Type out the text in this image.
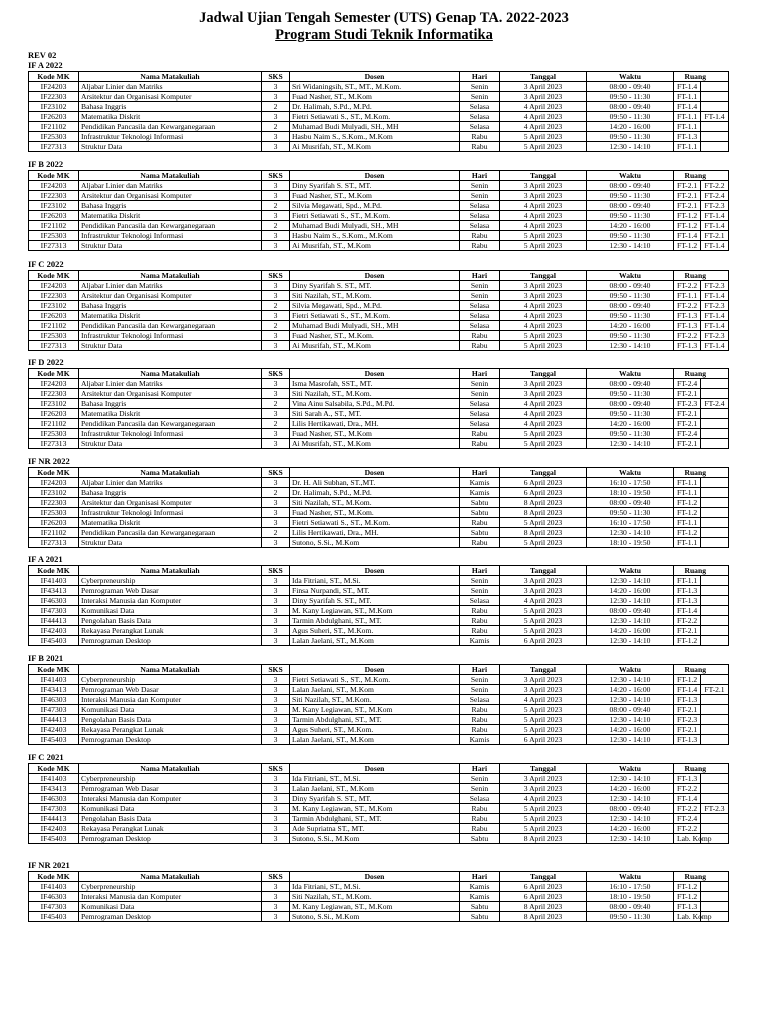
Jadwal Ujian Tengah Semester (UTS) Genap TA. 2022-2023
Program Studi Teknik Informatika
REV 02
IF A 2022
Kode MK	Nama Matakuliah	SKS	Dosen	Hari	Tanggal	Waktu	Ruang	
IF24203	Aljabar Linier dan Matriks	3	Sri Widaningsih, ST., MT., M.Kom.	Senin	3 April 2023	08:00 - 09:40	FT-1.4	
IF22303	Arsitektur dan Organisasi Komputer	3	Fuad Nasher, ST., M.Kom	Senin	3 April 2023	09:50 - 11:30	FT-1.1	
IF23102	Bahasa Inggris	2	Dr. Halimah, S.Pd., M.Pd.	Selasa	4 April 2023	08:00 - 09:40	FT-1.4	
IF26203	Matematika Diskrit	3	Fietri Setiawati S., ST., M.Kom.	Selasa	4 April 2023	09:50 - 11:30	FT-1.1	FT-1.4
IF21102	Pendidikan Pancasila dan Kewarganegaraan	2	Muhamad Budi Mulyadi, SH., MH	Selasa	4 April 2023	14:20 - 16:00	FT-1.1	
IF25303	Infrastruktur Teknologi Informasi	3	Hasbu Naim S., S.Kom., M.Kom	Rabu	5 April 2023	09:50 - 11:30	FT-1.3	
IF27313	Struktur Data	3	Ai Musrifah, ST., M.Kom	Rabu	5 April 2023	12:30 - 14:10	FT-1.1	
IF B 2022
Kode MK	Nama Matakuliah	SKS	Dosen	Hari	Tanggal	Waktu	Ruang	
IF24203	Aljabar Linier dan Matriks	3	Diny Syarifah S. ST., MT.	Senin	3 April 2023	08:00 - 09:40	FT-2.1	FT-2.2
IF22303	Arsitektur dan Organisasi Komputer	3	Fuad Nasher, ST., M.Kom	Senin	3 April 2023	09:50 - 11:30	FT-2.1	FT-2.4
IF23102	Bahasa Inggris	2	Silvia Megawati, Spd., M.Pd.	Selasa	4 April 2023	08:00 - 09:40	FT-2.1	FT-2.3
IF26203	Matematika Diskrit	3	Fietri Setiawati S., ST., M.Kom.	Selasa	4 April 2023	09:50 - 11:30	FT-1.2	FT-1.4
IF21102	Pendidikan Pancasila dan Kewarganegaraan	2	Muhamad Budi Mulyadi, SH., MH	Selasa	4 April 2023	14:20 - 16:00	FT-1.2	FT-1.4
IF25303	Infrastruktur Teknologi Informasi	3	Hasbu Naim S., S.Kom., M.Kom	Rabu	5 April 2023	09:50 - 11:30	FT-1.4	FT-2.1
IF27313	Struktur Data	3	Ai Musrifah, ST., M.Kom	Rabu	5 April 2023	12:30 - 14:10	FT-1.2	FT-1.4
IF C 2022
Kode MK	Nama Matakuliah	SKS	Dosen	Hari	Tanggal	Waktu	Ruang	
IF24203	Aljabar Linier dan Matriks	3	Diny Syarifah S. ST., MT.	Senin	3 April 2023	08:00 - 09:40	FT-2.2	FT-2.3
IF22303	Arsitektur dan Organisasi Komputer	3	Siti Nazilah, ST., M.Kom.	Senin	3 April 2023	09:50 - 11:30	FT-1.1	FT-1.4
IF23102	Bahasa Inggris	2	Silvia Megawati, Spd., M.Pd.	Selasa	4 April 2023	08:00 - 09:40	FT-2.2	FT-2.3
IF26203	Matematika Diskrit	3	Fietri Setiawati S., ST., M.Kom.	Selasa	4 April 2023	09:50 - 11:30	FT-1.3	FT-1.4
IF21102	Pendidikan Pancasila dan Kewarganegaraan	2	Muhamad Budi Mulyadi, SH., MH	Selasa	4 April 2023	14:20 - 16:00	FT-1.3	FT-1.4
IF25303	Infrastruktur Teknologi Informasi	3	Fuad Nasher, ST., M.Kom.	Rabu	5 April 2023	09:50 - 11:30	FT-2.2	FT-2.3
IF27313	Struktur Data	3	Ai Musrifah, ST., M.Kom	Rabu	5 April 2023	12:30 - 14:10	FT-1.3	FT-1.4
IF D 2022
Kode MK	Nama Matakuliah	SKS	Dosen	Hari	Tanggal	Waktu	Ruang	
IF24203	Aljabar Linier dan Matriks	3	Isma Masrofah, SST., MT.	Senin	3 April 2023	08:00 - 09:40	FT-2.4	
IF22303	Arsitektur dan Organisasi Komputer	3	Siti Nazilah, ST., M.Kom.	Senin	3 April 2023	09:50 - 11:30	FT-2.1	
IF23102	Bahasa Inggris	2	Vina Ainu Salsabila, S.Pd., M.Pd.	Selasa	4 April 2023	08:00 - 09:40	FT-2.3	FT-2.4
IF26203	Matematika Diskrit	3	Siti Sarah A., ST., MT.	Selasa	4 April 2023	09:50 - 11:30	FT-2.1	
IF21102	Pendidikan Pancasila dan Kewarganegaraan	2	Lilis Hertikawati, Dra., MH.	Selasa	4 April 2023	14:20 - 16:00	FT-2.1	
IF25303	Infrastruktur Teknologi Informasi	3	Fuad Nasher, ST., M.Kom	Rabu	5 April 2023	09:50 - 11:30	FT-2.4	
IF27313	Struktur Data	3	Ai Musrifah, ST., M.Kom	Rabu	5 April 2023	12:30 - 14:10	FT-2.1	
IF NR 2022
Kode MK	Nama Matakuliah	SKS	Dosen	Hari	Tanggal	Waktu	Ruang	
IF24203	Aljabar Linier dan Matriks	3	Dr. H. Ali Subhan, ST.,MT.	Kamis	6 April 2023	16:10 - 17:50	FT-1.1	
IF23102	Bahasa Inggris	2	Dr. Halimah, S.Pd., M.Pd.	Kamis	6 April 2023	18:10 - 19:50	FT-1.1	
IF22303	Arsitektur dan Organisasi Komputer	3	Siti Nazilah, ST., M.Kom.	Sabtu	8 April 2023	08:00 - 09:40	FT-1.2	
IF25303	Infrastruktur Teknologi Informasi	3	Fuad Nasher, ST., M.Kom.	Sabtu	8 April 2023	09:50 - 11:30	FT-1.2	
IF26203	Matematika Diskrit	3	Fietri Setiawati S., ST., M.Kom.	Rabu	5 April 2023	16:10 - 17:50	FT-1.1	
IF21102	Pendidikan Pancasila dan Kewarganegaraan	2	Lilis Hertikawati, Dra., MH.	Sabtu	8 April 2023	12:30 - 14:10	FT-1.2	
IF27313	Struktur Data	3	Sutono, S.Si., M.Kom	Rabu	5 April 2023	18:10 - 19:50	FT-1.1	
IF A 2021
Kode MK	Nama Matakuliah	SKS	Dosen	Hari	Tanggal	Waktu	Ruang	
IF41403	Cyberpreneurship	3	Ida Fitriani, ST., M.Si.	Senin	3 April 2023	12:30 - 14:10	FT-1.1	
IF43413	Pemrograman Web Dasar	3	Finsa Nurpandi, ST., MT.	Senin	3 April 2023	14:20 - 16:00	FT-1.3	
IF46303	Interaksi Manusia dan Komputer	3	Diny Syarifah S. ST., MT.	Selasa	4 April 2023	12:30 - 14:10	FT-1.3	
IF47303	Komunikasi Data	3	M. Kany Legiawan, ST., M.Kom	Rabu	5 April 2023	08:00 - 09:40	FT-1.4	
IF44413	Pengolahan Basis Data	3	Tarmin Abdulghani, ST., MT.	Rabu	5 April 2023	12:30 - 14:10	FT-2.2	
IF42403	Rekayasa Perangkat Lunak	3	Agus Suheri, ST., M.Kom.	Rabu	5 April 2023	14:20 - 16:00	FT-2.1	
IF45403	Pemrograman Desktop	3	Lalan Jaelani, ST., M.Kom	Kamis	6 April 2023	12:30 - 14:10	FT-1.2	
IF B 2021
Kode MK	Nama Matakuliah	SKS	Dosen	Hari	Tanggal	Waktu	Ruang	
IF41403	Cyberpreneurship	3	Fietri Setiawati S., ST., M.Kom.	Senin	3 April 2023	12:30 - 14:10	FT-1.2	
IF43413	Pemrograman Web Dasar	3	Lalan Jaelani, ST., M.Kom	Senin	3 April 2023	14:20 - 16:00	FT-1.4	FT-2.1
IF46303	Interaksi Manusia dan Komputer	3	Siti Nazilah, ST., M.Kom.	Selasa	4 April 2023	12:30 - 14:10	FT-1.3	
IF47303	Komunikasi Data	3	M. Kany Legiawan, ST., M.Kom	Rabu	5 April 2023	08:00 - 09:40	FT-2.1	
IF44413	Pengolahan Basis Data	3	Tarmin Abdulghani, ST., MT.	Rabu	5 April 2023	12:30 - 14:10	FT-2.3	
IF42403	Rekayasa Perangkat Lunak	3	Agus Suheri, ST., M.Kom.	Rabu	5 April 2023	14:20 - 16:00	FT-2.1	
IF45403	Pemrograman Desktop	3	Lalan Jaelani, ST., M.Kom	Kamis	6 April 2023	12:30 - 14:10	FT-1.3	
IF C 2021
Kode MK	Nama Matakuliah	SKS	Dosen	Hari	Tanggal	Waktu	Ruang	
IF41403	Cyberpreneurship	3	Ida Fitriani, ST., M.Si.	Senin	3 April 2023	12:30 - 14:10	FT-1.3	
IF43413	Pemrograman Web Dasar	3	Lalan Jaelani, ST., M.Kom	Senin	3 April 2023	14:20 - 16:00	FT-2.2	
IF46303	Interaksi Manusia dan Komputer	3	Diny Syarifah S. ST., MT.	Selasa	4 April 2023	12:30 - 14:10	FT-1.4	
IF47303	Komunikasi Data	3	M. Kany Legiawan, ST., M.Kom	Rabu	5 April 2023	08:00 - 09:40	FT-2.2	FT-2.3
IF44413	Pengolahan Basis Data	3	Tarmin Abdulghani, ST., MT.	Rabu	5 April 2023	12:30 - 14:10	FT-2.4	
IF42403	Rekayasa Perangkat Lunak	3	Ade Supriatna ST., MT.	Rabu	5 April 2023	14:20 - 16:00	FT-2.2	
IF45403	Pemrograman Desktop	3	Sutono, S.Si., M.Kom	Sabtu	8 April 2023	12:30 - 14:10	Lab. Komp	
IF NR 2021
Kode MK	Nama Matakuliah	SKS	Dosen	Hari	Tanggal	Waktu	Ruang	
IF41403	Cyberpreneurship	3	Ida Fitriani, ST., M.Si.	Kamis	6 April 2023	16:10 - 17:50	FT-1.2	
IF46303	Interaksi Manusia dan Komputer	3	Siti Nazilah, ST., M.Kom.	Kamis	6 April 2023	18:10 - 19:50	FT-1.2	
IF47303	Komunikasi Data	3	M. Kany Legiawan, ST., M.Kom	Sabtu	8 April 2023	08:00 - 09:40	FT-1.3	
IF45403	Pemrograman Desktop	3	Sutono, S.Si., M.Kom	Sabtu	8 April 2023	09:50 - 11:30	Lab. Komp	
